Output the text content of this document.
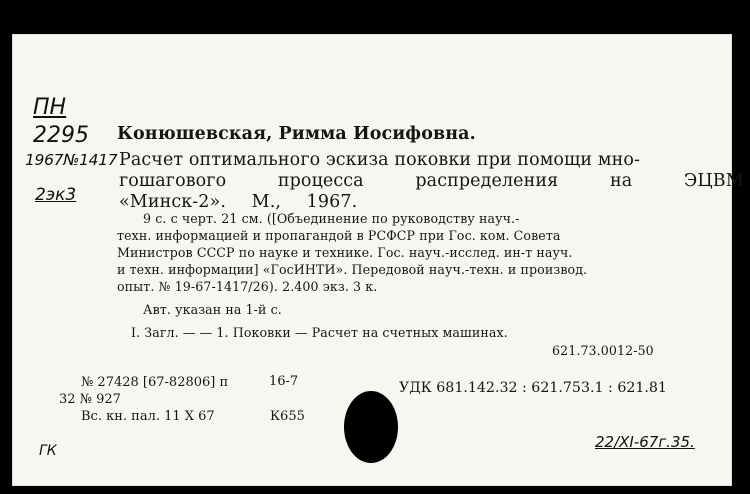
ПН
2295
1967№1417
2эк3
Конюшевская, Римма Иосифовна.
Расчет оптимального эскиза поковки при помощи мно-
гошагового процесса распределения на ЭЦВМ
«Минск-2». М., 1967.
9 с. с черт. 21 см. ([Объединение по руководству науч.-
техн. информацией и пропагандой в РСФСР при Гос. ком. Совета
Министров СССР по науке и технике. Гос. науч.-исслед. ин-т науч.
и техн. информации] «ГосИНТИ». Передовой науч.-техн. и производ.
опыт. № 19-67-1417/26). 2.400 экз. 3 к.
Авт. указан на 1-й с.
I. Загл. — — 1. Поковки — Расчет на счетных машинах.
621.73.0012-50
№ 27428 [67-82806] п	16-7
32 № 927
Вс. кн. пал. 11 X 67	К655
УДК 681.142.32 : 621.753.1 : 621.81
22/XI-67г.35.
ГК
